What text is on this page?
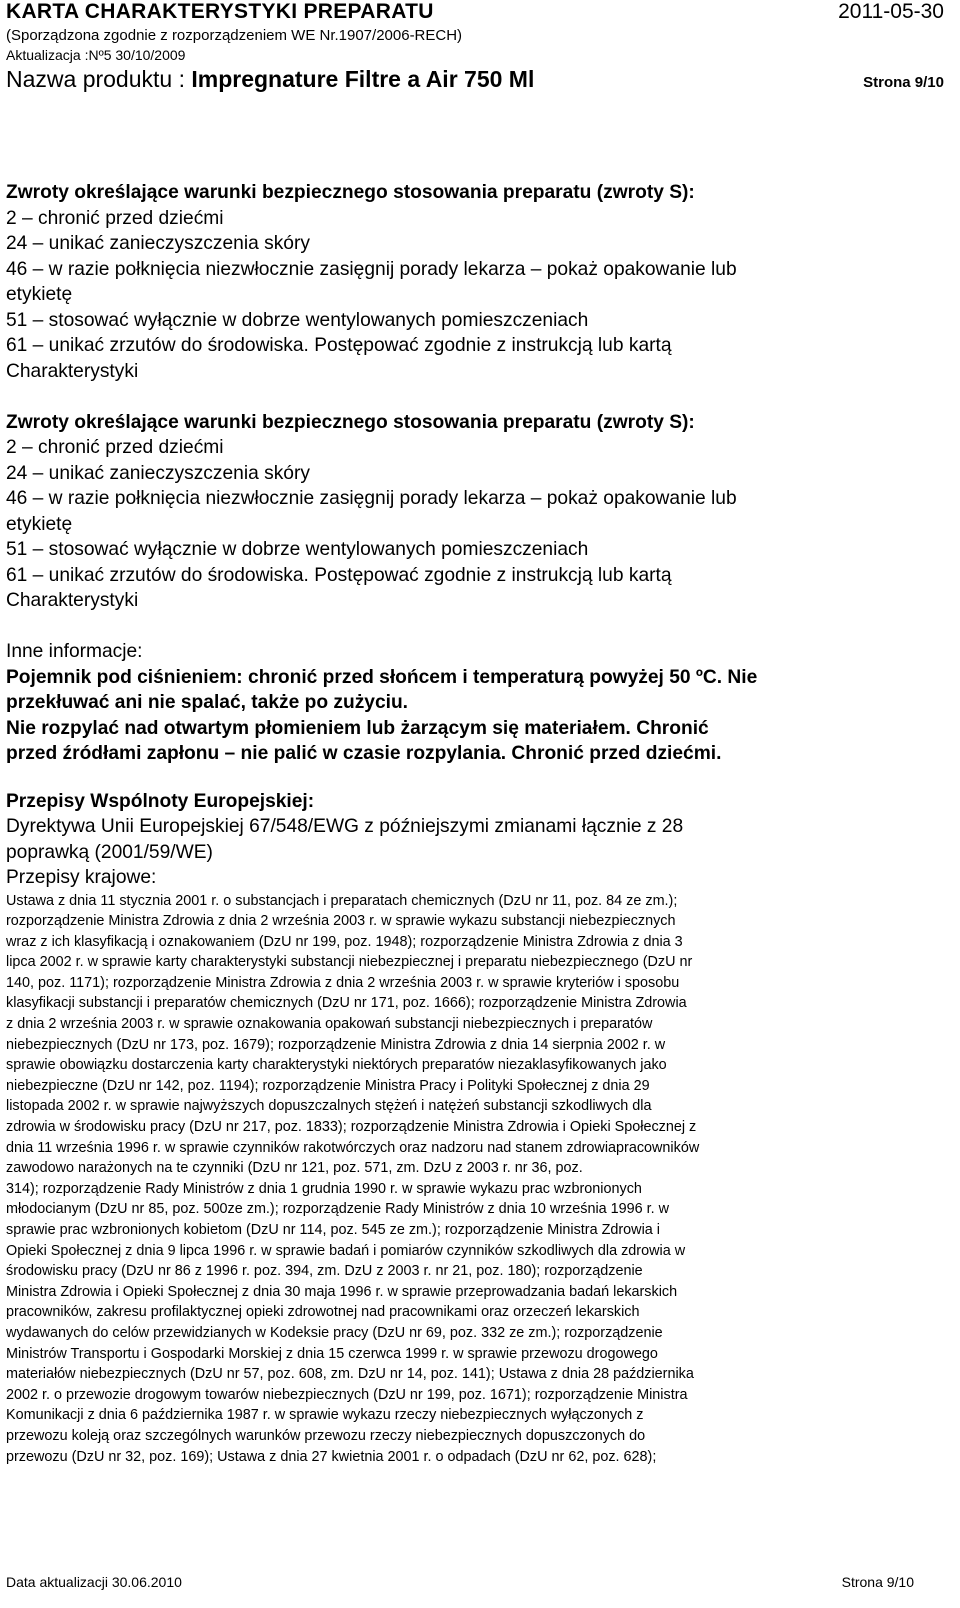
KARTA CHARAKTERYSTYKI PREPARATU	2011-05-30
(Sporządzona zgodnie z rozporządzeniem WE Nr.1907/2006-RECH)
Aktualizacja :Nº5 30/10/2009
Nazwa produktu : Impregnature Filtre a Air 750 Ml	Strona 9/10
Zwroty określające warunki bezpiecznego stosowania preparatu (zwroty S):
2 – chronić przed dziećmi
24 – unikać zanieczyszczenia skóry
46 – w razie połknięcia niezwłocznie zasięgnij porady lekarza – pokaż opakowanie lub
etykietę
51 – stosować wyłącznie w dobrze wentylowanych pomieszczeniach
61 – unikać zrzutów do środowiska. Postępować zgodnie z instrukcją lub kartą
Charakterystyki
Zwroty określające warunki bezpiecznego stosowania preparatu (zwroty S):
2 – chronić przed dziećmi
24 – unikać zanieczyszczenia skóry
46 – w razie połknięcia niezwłocznie zasięgnij porady lekarza – pokaż opakowanie lub
etykietę
51 – stosować wyłącznie w dobrze wentylowanych pomieszczeniach
61 – unikać zrzutów do środowiska. Postępować zgodnie z instrukcją lub kartą
Charakterystyki
Inne informacje:
Pojemnik pod ciśnieniem: chronić przed słońcem i temperaturą powyżej 50 ºC. Nie
przekłuwać ani nie spalać, także po zużyciu.
Nie rozpylać nad otwartym płomieniem lub żarzącym się materiałem. Chronić
przed źródłami zapłonu – nie palić w czasie rozpylania. Chronić przed dziećmi.
Przepisy Wspólnoty Europejskiej:
Dyrektywa Unii Europejskiej 67/548/EWG z późniejszymi zmianami łącznie z 28
poprawką (2001/59/WE)
Przepisy krajowe:
Ustawa z dnia 11 stycznia 2001 r. o substancjach i preparatach chemicznych (DzU nr 11, poz. 84 ze zm.);
rozporządzenie Ministra Zdrowia z dnia 2 września 2003 r. w sprawie wykazu substancji niebezpiecznych
wraz z ich klasyfikacją i oznakowaniem (DzU nr 199, poz. 1948); rozporządzenie Ministra Zdrowia z dnia 3
lipca 2002 r. w sprawie karty charakterystyki substancji niebezpiecznej i preparatu niebezpiecznego (DzU nr
140, poz. 1171); rozporządzenie Ministra Zdrowia z dnia 2 września 2003 r. w sprawie kryteriów i sposobu
klasyfikacji substancji i preparatów chemicznych (DzU nr 171, poz. 1666); rozporządzenie Ministra Zdrowia
z dnia 2 września 2003 r. w sprawie oznakowania opakowań substancji niebezpiecznych i preparatów
niebezpiecznych (DzU nr 173, poz. 1679); rozporządzenie Ministra Zdrowia z dnia 14 sierpnia 2002 r. w
sprawie obowiązku dostarczenia karty charakterystyki niektórych preparatów niezaklasyfikowanych jako
niebezpieczne (DzU nr 142, poz. 1194); rozporządzenie Ministra Pracy i Polityki Społecznej z dnia 29
listopada 2002 r. w sprawie najwyższych dopuszczalnych stężeń i natężeń substancji szkodliwych dla
zdrowia w środowisku pracy (DzU nr 217, poz. 1833); rozporządzenie Ministra Zdrowia i Opieki Społecznej z
dnia 11 września 1996 r. w sprawie czynników rakotwórczych oraz nadzoru nad stanem zdrowiapracowników
zawodowo narażonych na te czynniki (DzU nr 121, poz. 571, zm. DzU z 2003 r. nr 36, poz.
314); rozporządzenie Rady Ministrów z dnia 1 grudnia 1990 r. w sprawie wykazu prac wzbronionych
młodocianym (DzU nr 85, poz. 500ze zm.); rozporządzenie Rady Ministrów z dnia 10 września 1996 r. w
sprawie prac wzbronionych kobietom (DzU nr 114, poz. 545 ze zm.); rozporządzenie Ministra Zdrowia i
Opieki Społecznej z dnia 9 lipca 1996 r. w sprawie badań i pomiarów czynników szkodliwych dla zdrowia w
środowisku pracy (DzU nr 86 z 1996 r. poz. 394, zm. DzU z 2003 r. nr 21, poz. 180); rozporządzenie
Ministra Zdrowia i Opieki Społecznej z dnia 30 maja 1996 r. w sprawie przeprowadzania badań lekarskich
pracowników, zakresu profilaktycznej opieki zdrowotnej nad pracownikami oraz orzeczeń lekarskich
wydawanych do celów przewidzianych w Kodeksie pracy (DzU nr 69, poz. 332 ze zm.); rozporządzenie
Ministrów Transportu i Gospodarki Morskiej z dnia 15 czerwca 1999 r. w sprawie przewozu drogowego
materiałów niebezpiecznych (DzU nr 57, poz. 608, zm. DzU nr 14, poz. 141); Ustawa z dnia 28 października
2002 r. o przewozie drogowym towarów niebezpiecznych (DzU nr 199, poz. 1671); rozporządzenie Ministra
Komunikacji z dnia 6 października 1987 r. w sprawie wykazu rzeczy niebezpiecznych wyłączonych z
przewozu koleją oraz szczególnych warunków przewozu rzeczy niebezpiecznych dopuszczonych do
przewozu (DzU nr 32, poz. 169); Ustawa z dnia 27 kwietnia 2001 r. o odpadach (DzU nr 62, poz. 628);
Data aktualizacji 30.06.2010	Strona 9/10
